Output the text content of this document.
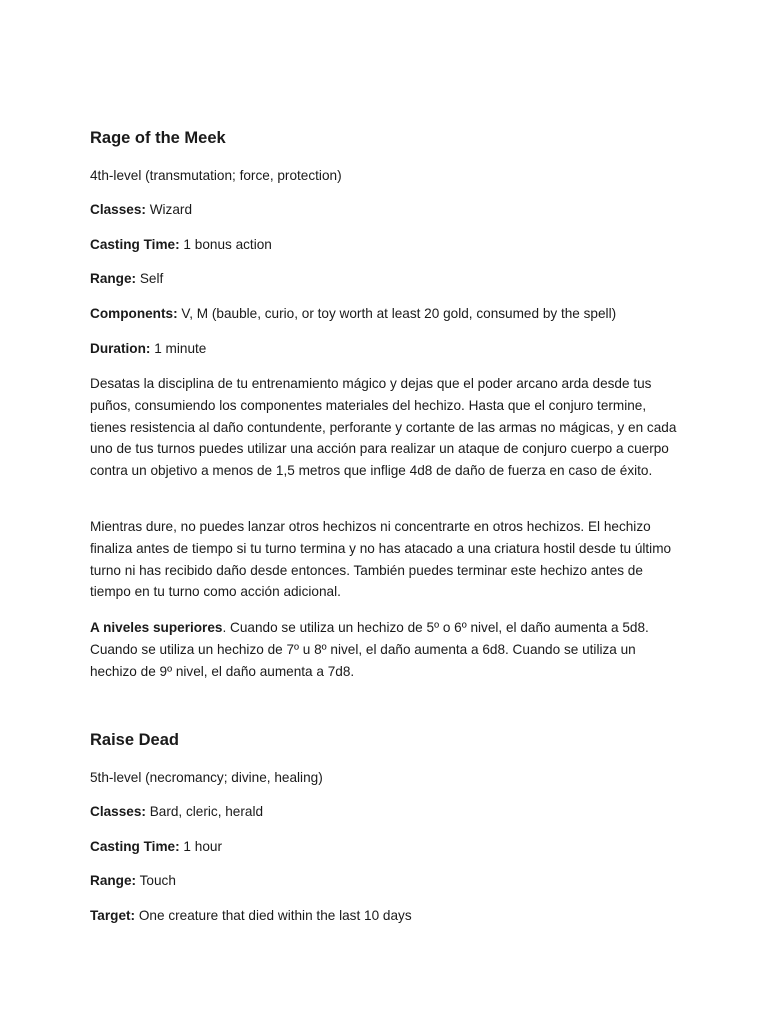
Rage of the Meek

4th-level (transmutation; force, protection)

Classes: Wizard

Casting Time: 1 bonus action

Range: Self

Components: V, M (bauble, curio, or toy worth at least 20 gold, consumed by the spell)

Duration: 1 minute

Desatas la disciplina de tu entrenamiento mágico y dejas que el poder arcano arda desde tus puños, consumiendo los componentes materiales del hechizo. Hasta que el conjuro termine, tienes resistencia al daño contundente, perforante y cortante de las armas no mágicas, y en cada uno de tus turnos puedes utilizar una acción para realizar un ataque de conjuro cuerpo a cuerpo contra un objetivo a menos de 1,5 metros que inflige 4d8 de daño de fuerza en caso de éxito.

Mientras dure, no puedes lanzar otros hechizos ni concentrarte en otros hechizos. El hechizo finaliza antes de tiempo si tu turno termina y no has atacado a una criatura hostil desde tu último turno ni has recibido daño desde entonces. También puedes terminar este hechizo antes de tiempo en tu turno como acción adicional.

A niveles superiores. Cuando se utiliza un hechizo de 5º o 6º nivel, el daño aumenta a 5d8. Cuando se utiliza un hechizo de 7º u 8º nivel, el daño aumenta a 6d8. Cuando se utiliza un hechizo de 9º nivel, el daño aumenta a 7d8.

Raise Dead

5th-level (necromancy; divine, healing)

Classes: Bard, cleric, herald

Casting Time: 1 hour

Range: Touch

Target: One creature that died within the last 10 days
